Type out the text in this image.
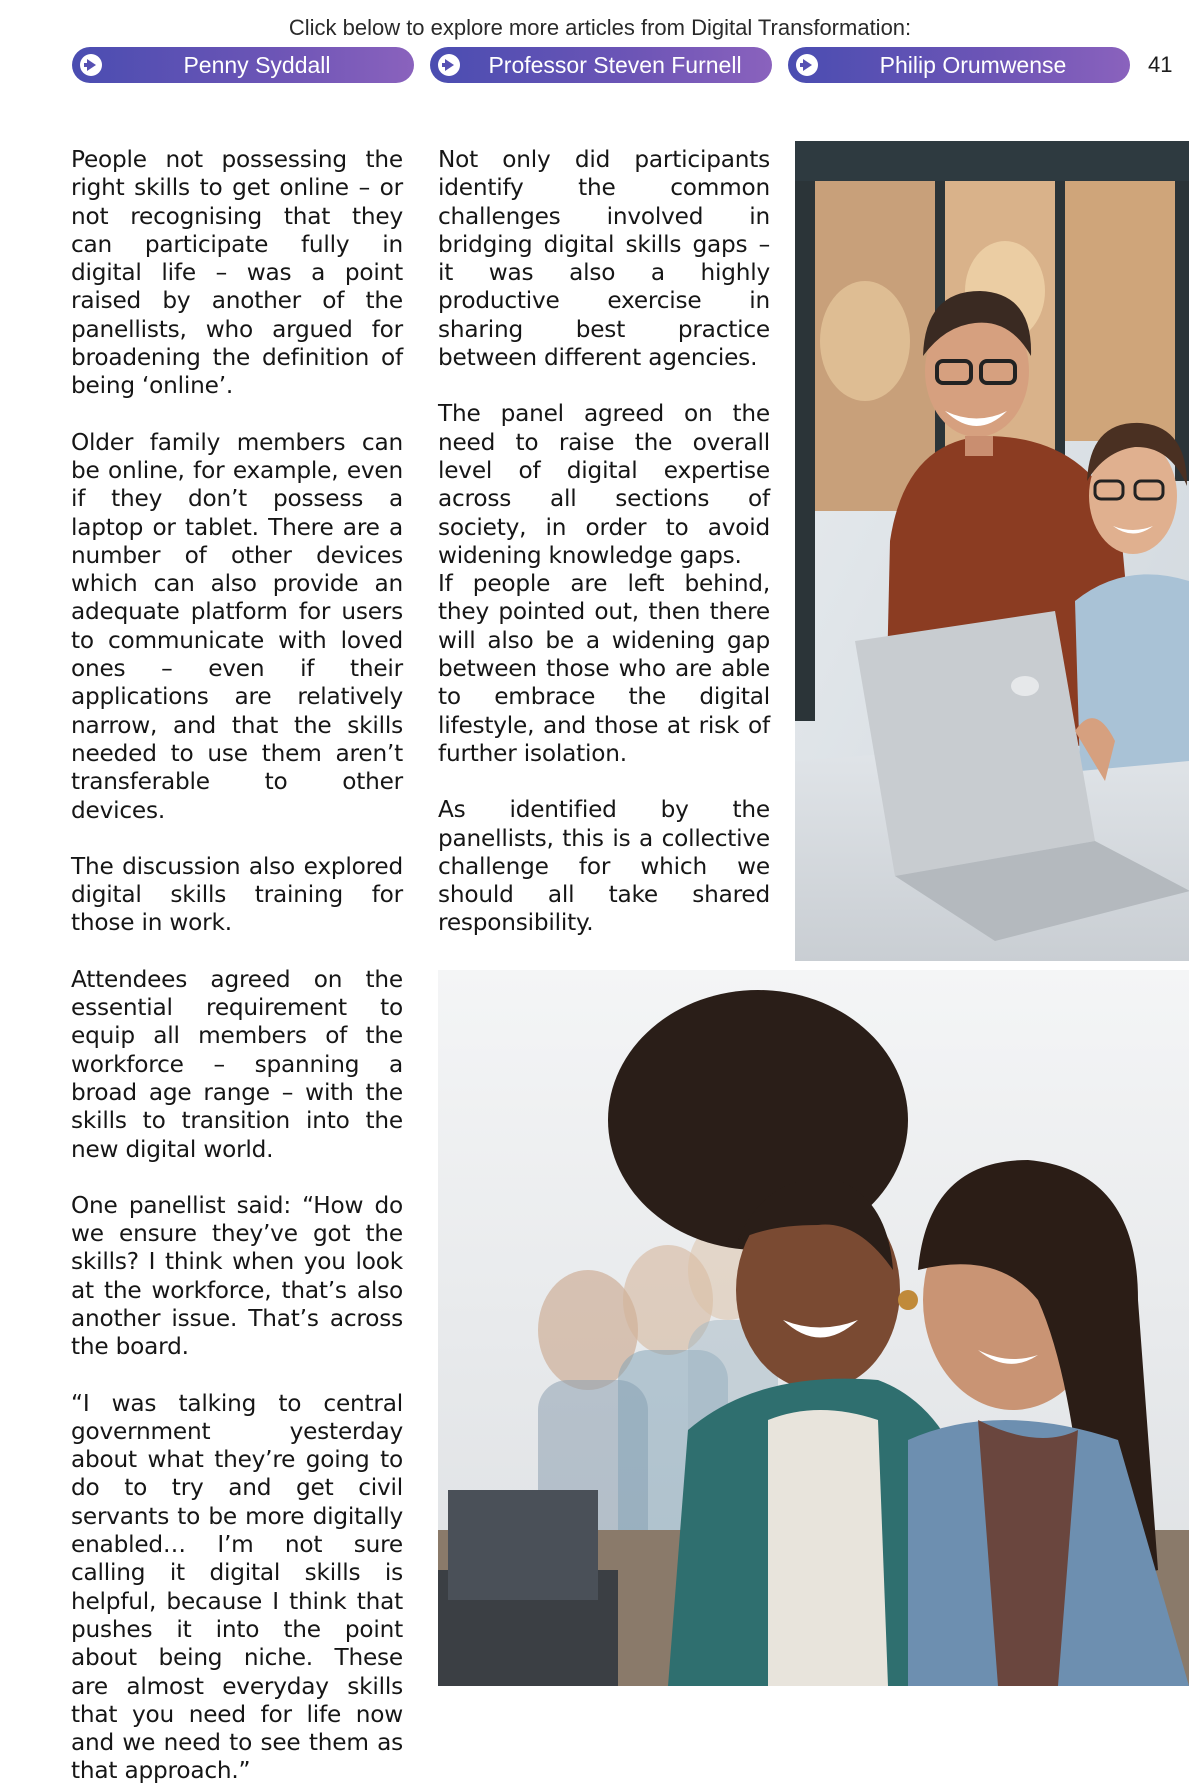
Click below to explore more articles from Digital Transformation:
Penny Syddall	Professor Steven Furnell	Philip Orumwense	41

People not possessing the right skills to get online – or not recognising that they can participate fully in digital life – was a point raised by another of the panellists, who argued for broadening the definition of being ‘online’.

Older family members can be online, for example, even if they don’t possess a laptop or tablet. There are a number of other devices which can also provide an adequate platform for users to communicate with loved ones – even if their applications are relatively narrow, and that the skills needed to use them aren’t transferable to other devices.

The discussion also explored digital skills training for those in work.

Attendees agreed on the essential requirement to equip all members of the workforce – spanning a broad age range – with the skills to transition into the new digital world.

One panellist said: “How do we ensure they’ve got the skills? I think when you look at the workforce, that’s also another issue. That’s across the board.

“I was talking to central government yesterday about what they’re going to do to try and get civil servants to be more digitally enabled… I’m not sure calling it digital skills is helpful, because I think that pushes it into the point about being niche. These are almost everyday skills that you need for life now and we need to see them as that approach.”

Not only did participants identify the common challenges involved in bridging digital skills gaps – it was also a highly productive exercise in sharing best practice between different agencies.

The panel agreed on the need to raise the overall level of digital expertise across all sections of society, in order to avoid widening knowledge gaps.

If people are left behind, they pointed out, then there will also be a widening gap between those who are able to embrace the digital lifestyle, and those at risk of further isolation.

As identified by the panellists, this is a collective challenge for which we should all take shared responsibility.
